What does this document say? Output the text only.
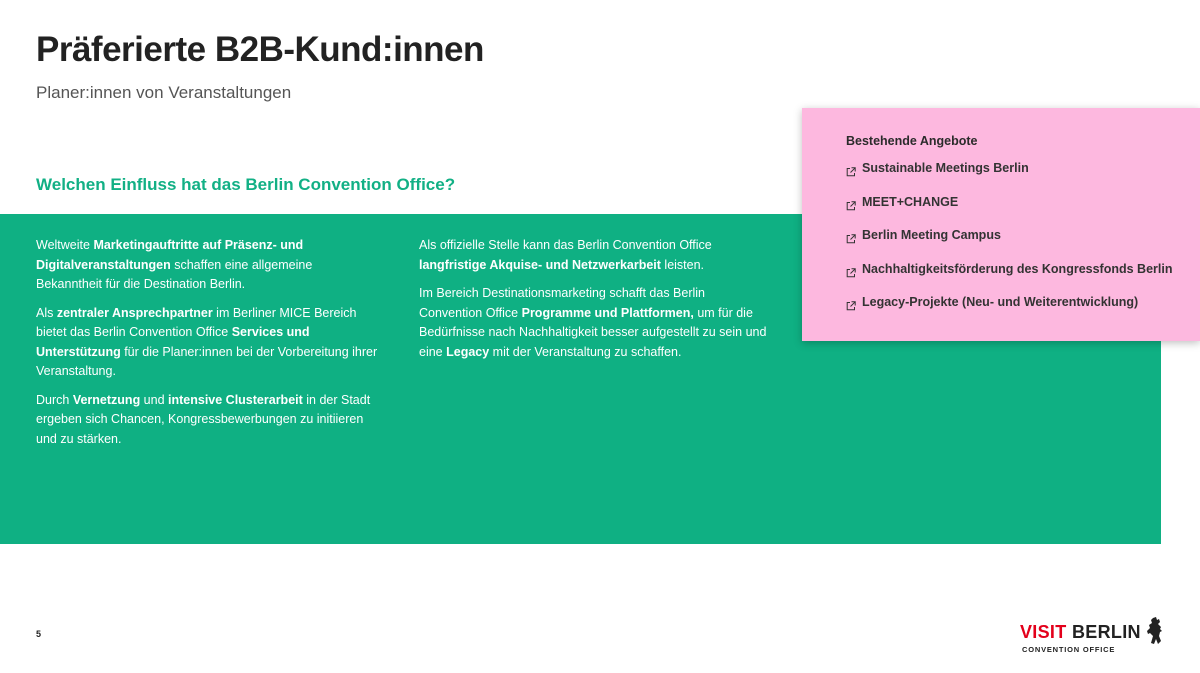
Präferierte B2B-Kund:innen
Planer:innen von Veranstaltungen
Welchen Einfluss hat das Berlin Convention Office?

Weltweite Marketingauftritte auf Präsenz- und Digitalveranstaltungen schaffen eine allgemeine Bekanntheit für die Destination Berlin.

Als zentraler Ansprechpartner im Berliner MICE Bereich bietet das Berlin Convention Office Services und Unterstützung für die Planer:innen bei der Vorbereitung ihrer Veranstaltung.

Durch Vernetzung und intensive Clusterarbeit in der Stadt ergeben sich Chancen, Kongressbewerbungen zu initiieren und zu stärken.

Als offizielle Stelle kann das Berlin Convention Office langfristige Akquise- und Netzwerkarbeit leisten.

Im Bereich Destinationsmarketing schafft das Berlin Convention Office Programme und Plattformen, um für die Bedürfnisse nach Nachhaltigkeit besser aufgestellt zu sein und eine Legacy mit der Veranstaltung zu schaffen.

Bestehende Angebote
Sustainable Meetings Berlin
MEET+CHANGE
Berlin Meeting Campus
Nachhaltigkeitsförderung des Kongressfonds Berlin
Legacy-Projekte (Neu- und Weiterentwicklung)
5	VISIT BERLIN
CONVENTION OFFICE
